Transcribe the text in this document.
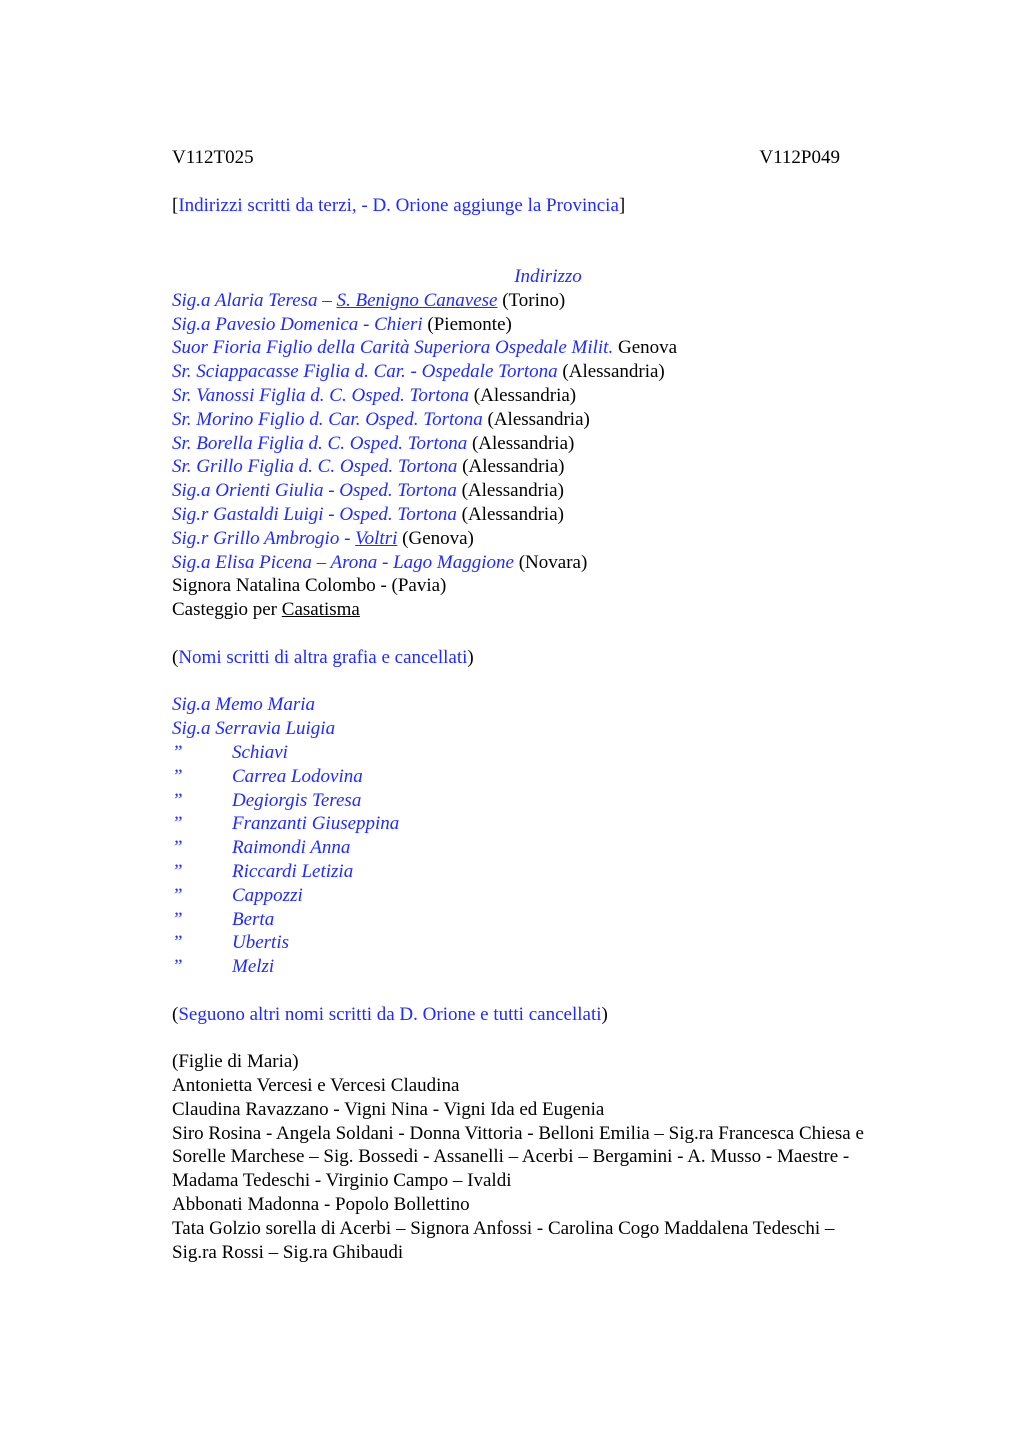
V112T025	V112P049
[Indirizzi scritti da terzi, - D. Orione aggiunge la Provincia]
Indirizzo
Sig.a Alaria Teresa – S. Benigno Canavese (Torino)
Sig.a Pavesio Domenica - Chieri (Piemonte)
Suor Fioria Figlio della Carità Superiora Ospedale Milit. Genova
Sr. Sciappacasse Figlia d. Car. - Ospedale Tortona (Alessandria)
Sr. Vanossi Figlia d. C. Osped. Tortona (Alessandria)
Sr. Morino Figlio d. Car. Osped. Tortona (Alessandria)
Sr. Borella Figlia d. C. Osped. Tortona (Alessandria)
Sr. Grillo Figlia d. C. Osped. Tortona (Alessandria)
Sig.a Orienti Giulia - Osped. Tortona (Alessandria)
Sig.r Gastaldi Luigi - Osped. Tortona (Alessandria)
Sig.r Grillo Ambrogio - Voltri (Genova)
Sig.a Elisa Picena – Arona - Lago Maggione (Novara)
Signora Natalina Colombo - (Pavia)
Casteggio per Casatisma
(Nomi scritti di altra grafia e cancellati)
Sig.a Memo Maria
Sig.a Serravia Luigia
”	Schiavi
”	Carrea Lodovina
”	Degiorgis Teresa
”	Franzanti Giuseppina
”	Raimondi Anna
”	Riccardi Letizia
”	Cappozzi
”	Berta
”	Ubertis
”	Melzi
(Seguono altri nomi scritti da D. Orione e tutti cancellati)
(Figlie di Maria)
Antonietta Vercesi e Vercesi Claudina
Claudina Ravazzano - Vigni Nina - Vigni Ida ed Eugenia
Siro Rosina - Angela Soldani - Donna Vittoria - Belloni Emilia – Sig.ra Francesca Chiesa e
Sorelle Marchese – Sig. Bossedi - Assanelli – Acerbi – Bergamini - A. Musso - Maestre -
Madama Tedeschi - Virginio Campo – Ivaldi
Abbonati Madonna - Popolo Bollettino
Tata Golzio sorella di Acerbi – Signora Anfossi - Carolina Cogo Maddalena Tedeschi –
Sig.ra Rossi – Sig.ra Ghibaudi
